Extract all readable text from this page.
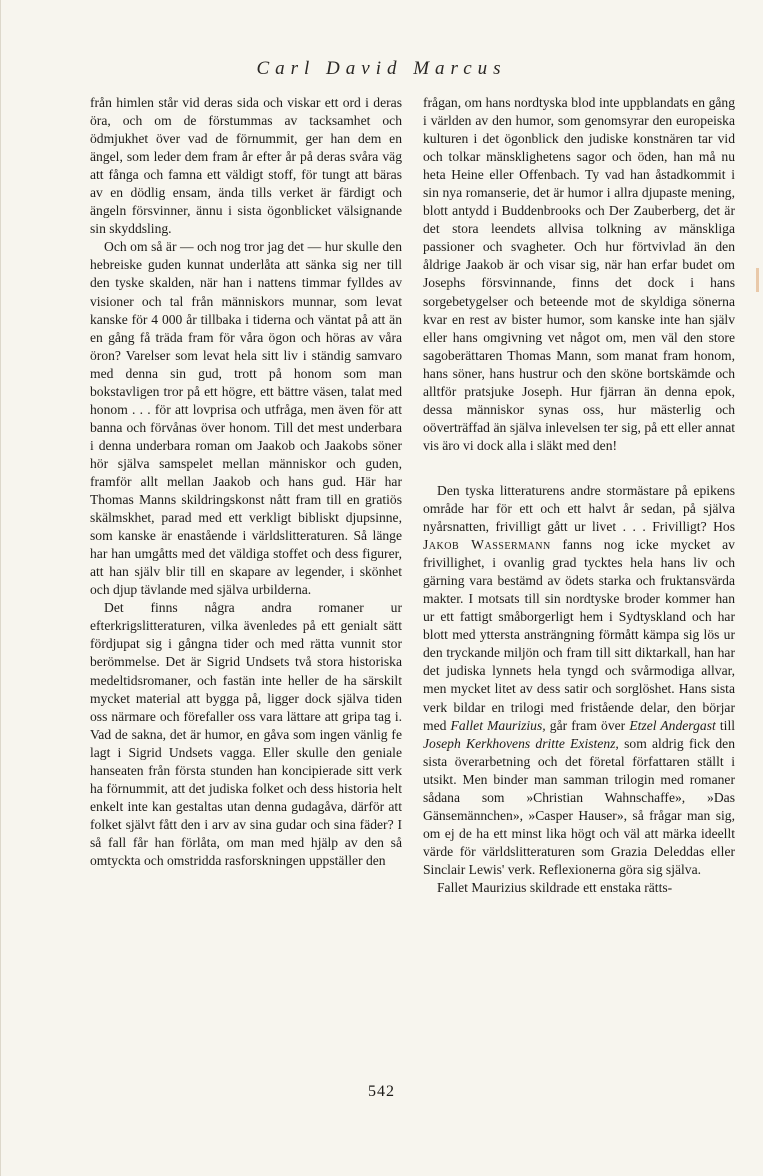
Carl David Marcus

från himlen står vid deras sida och viskar ett ord i deras öra, och om de förstummas av tacksamhet och ödmjukhet över vad de förnummit, ger han dem en ängel, som leder dem fram år efter år på deras svåra väg att fånga och famna ett väldigt stoff, för tungt att bäras av en dödlig ensam, ända tills verket är färdigt och ängeln försvinner, ännu i sista ögonblicket välsignande sin skyddsling.

Och om så är — och nog tror jag det — hur skulle den hebreiske guden kunnat underlåta att sänka sig ner till den tyske skalden, när han i nattens timmar fylldes av visioner och tal från människors munnar, som levat kanske för 4 000 år tillbaka i tiderna och väntat på att än en gång få träda fram för våra ögon och höras av våra öron? Varelser som levat hela sitt liv i ständig samvaro med denna sin gud, trott på honom som man bokstavligen tror på ett högre, ett bättre väsen, talat med honom . . . för att lovprisa och utfråga, men även för att banna och förvånas över honom. Till det mest underbara i denna underbara roman om Jaakob och Jaakobs söner hör själva samspelet mellan människor och guden, framför allt mellan Jaakob och hans gud. Här har Thomas Manns skildringskonst nått fram till en gratiös skälmskhet, parad med ett verkligt bibliskt djupsinne, som kanske är enastående i världslitteraturen. Så länge har han umgåtts med det väldiga stoffet och dess figurer, att han själv blir till en skapare av legender, i skönhet och djup tävlande med själva urbilderna.

Det finns några andra romaner ur efterkrigslitteraturen, vilka ävenledes på ett genialt sätt fördjupat sig i gångna tider och med rätta vunnit stor berömmelse. Det är Sigrid Undsets två stora historiska medeltidsromaner, och fastän inte heller de ha särskilt mycket material att bygga på, ligger dock själva tiden oss närmare och förefaller oss vara lättare att gripa tag i. Vad de sakna, det är humor, en gåva som ingen vänlig fe lagt i Sigrid Undsets vagga. Eller skulle den geniale hanseaten från första stunden han koncipierade sitt verk ha förnummit, att det judiska folket och dess historia helt enkelt inte kan gestaltas utan denna gudagåva, därför att folket självt fått den i arv av sina gudar och sina fäder? I så fall får han förlåta, om man med hjälp av den så omtyckta och omstridda rasforskningen uppställer den

frågan, om hans nordtyska blod inte uppblandats en gång i världen av den humor, som genomsyrar den europeiska kulturen i det ögonblick den judiske konstnären tar vid och tolkar mänsklighetens sagor och öden, han må nu heta Heine eller Offenbach. Ty vad han åstadkommit i sin nya romanserie, det är humor i allra djupaste mening, blott antydd i Buddenbrooks och Der Zauberberg, det är det stora leendets allvisa tolkning av mänskliga passioner och svagheter. Och hur förtvivlad än den åldrige Jaakob är och visar sig, när han erfar budet om Josephs försvinnande, finns det dock i hans sorgebetygelser och beteende mot de skyldiga sönerna kvar en rest av bister humor, som kanske inte han själv eller hans omgivning vet något om, men väl den store sagoberättaren Thomas Mann, som manat fram honom, hans söner, hans hustrur och den sköne bortskämde och alltför pratsjuke Joseph. Hur fjärran än denna epok, dessa människor synas oss, hur mästerlig och oöverträffad än själva inlevelsen ter sig, på ett eller annat vis äro vi dock alla i släkt med den!

Den tyska litteraturens andre stormästare på epikens område har för ett och ett halvt år sedan, på själva nyårsnatten, frivilligt gått ur livet . . . Frivilligt? Hos Jakob Wassermann fanns nog icke mycket av frivillighet, i ovanlig grad tycktes hela hans liv och gärning vara bestämd av ödets starka och fruktansvärda makter. I motsats till sin nordtyske broder kommer han ur ett fattigt småborgerligt hem i Sydtyskland och har blott med yttersta ansträngning förmått kämpa sig lös ur den tryckande miljön och fram till sitt diktarkall, han har det judiska lynnets hela tyngd och svårmodiga allvar, men mycket litet av dess satir och sorglöshet. Hans sista verk bildar en trilogi med fristående delar, den börjar med Fallet Maurizius, går fram över Etzel Andergast till Joseph Kerkhovens dritte Existenz, som aldrig fick den sista överarbetning och det företal författaren ställt i utsikt. Men binder man samman trilogin med romaner sådana som »Christian Wahnschaffe», »Das Gänsemännchen», »Casper Hauser», så frågar man sig, om ej de ha ett minst lika högt och väl att märka ideellt värde för världslitteraturen som Grazia Deleddas eller Sinclair Lewis' verk. Reflexionerna göra sig själva.

Fallet Maurizius skildrade ett enstaka rätts-

542
